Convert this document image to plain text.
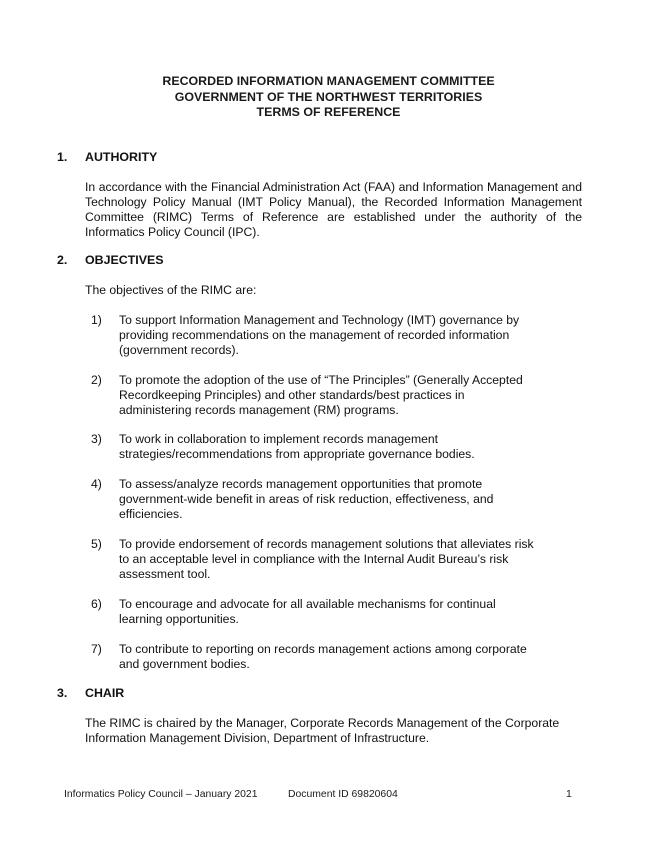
RECORDED INFORMATION MANAGEMENT COMMITTEE
GOVERNMENT OF THE NORTHWEST TERRITORIES
TERMS OF REFERENCE
1. AUTHORITY
In accordance with the Financial Administration Act (FAA) and Information Management and Technology Policy Manual (IMT Policy Manual), the Recorded Information Management Committee (RIMC) Terms of Reference are established under the authority of the Informatics Policy Council (IPC).
2. OBJECTIVES
The objectives of the RIMC are:
1) To support Information Management and Technology (IMT) governance by
providing recommendations on the management of recorded information
(government records).
2) To promote the adoption of the use of “The Principles” (Generally Accepted
Recordkeeping Principles) and other standards/best practices in
administering records management (RM) programs.
3) To work in collaboration to implement records management
strategies/recommendations from appropriate governance bodies.
4) To assess/analyze records management opportunities that promote
government-wide benefit in areas of risk reduction, effectiveness, and
efficiencies.
5) To provide endorsement of records management solutions that alleviates risk
to an acceptable level in compliance with the Internal Audit Bureau’s risk
assessment tool.
6) To encourage and advocate for all available mechanisms for continual
learning opportunities.
7) To contribute to reporting on records management actions among corporate
and government bodies.
3. CHAIR
The RIMC is chaired by the Manager, Corporate Records Management of the Corporate
Information Management Division, Department of Infrastructure.
Informatics Policy Council – January 2021	Document ID 69820604	1
